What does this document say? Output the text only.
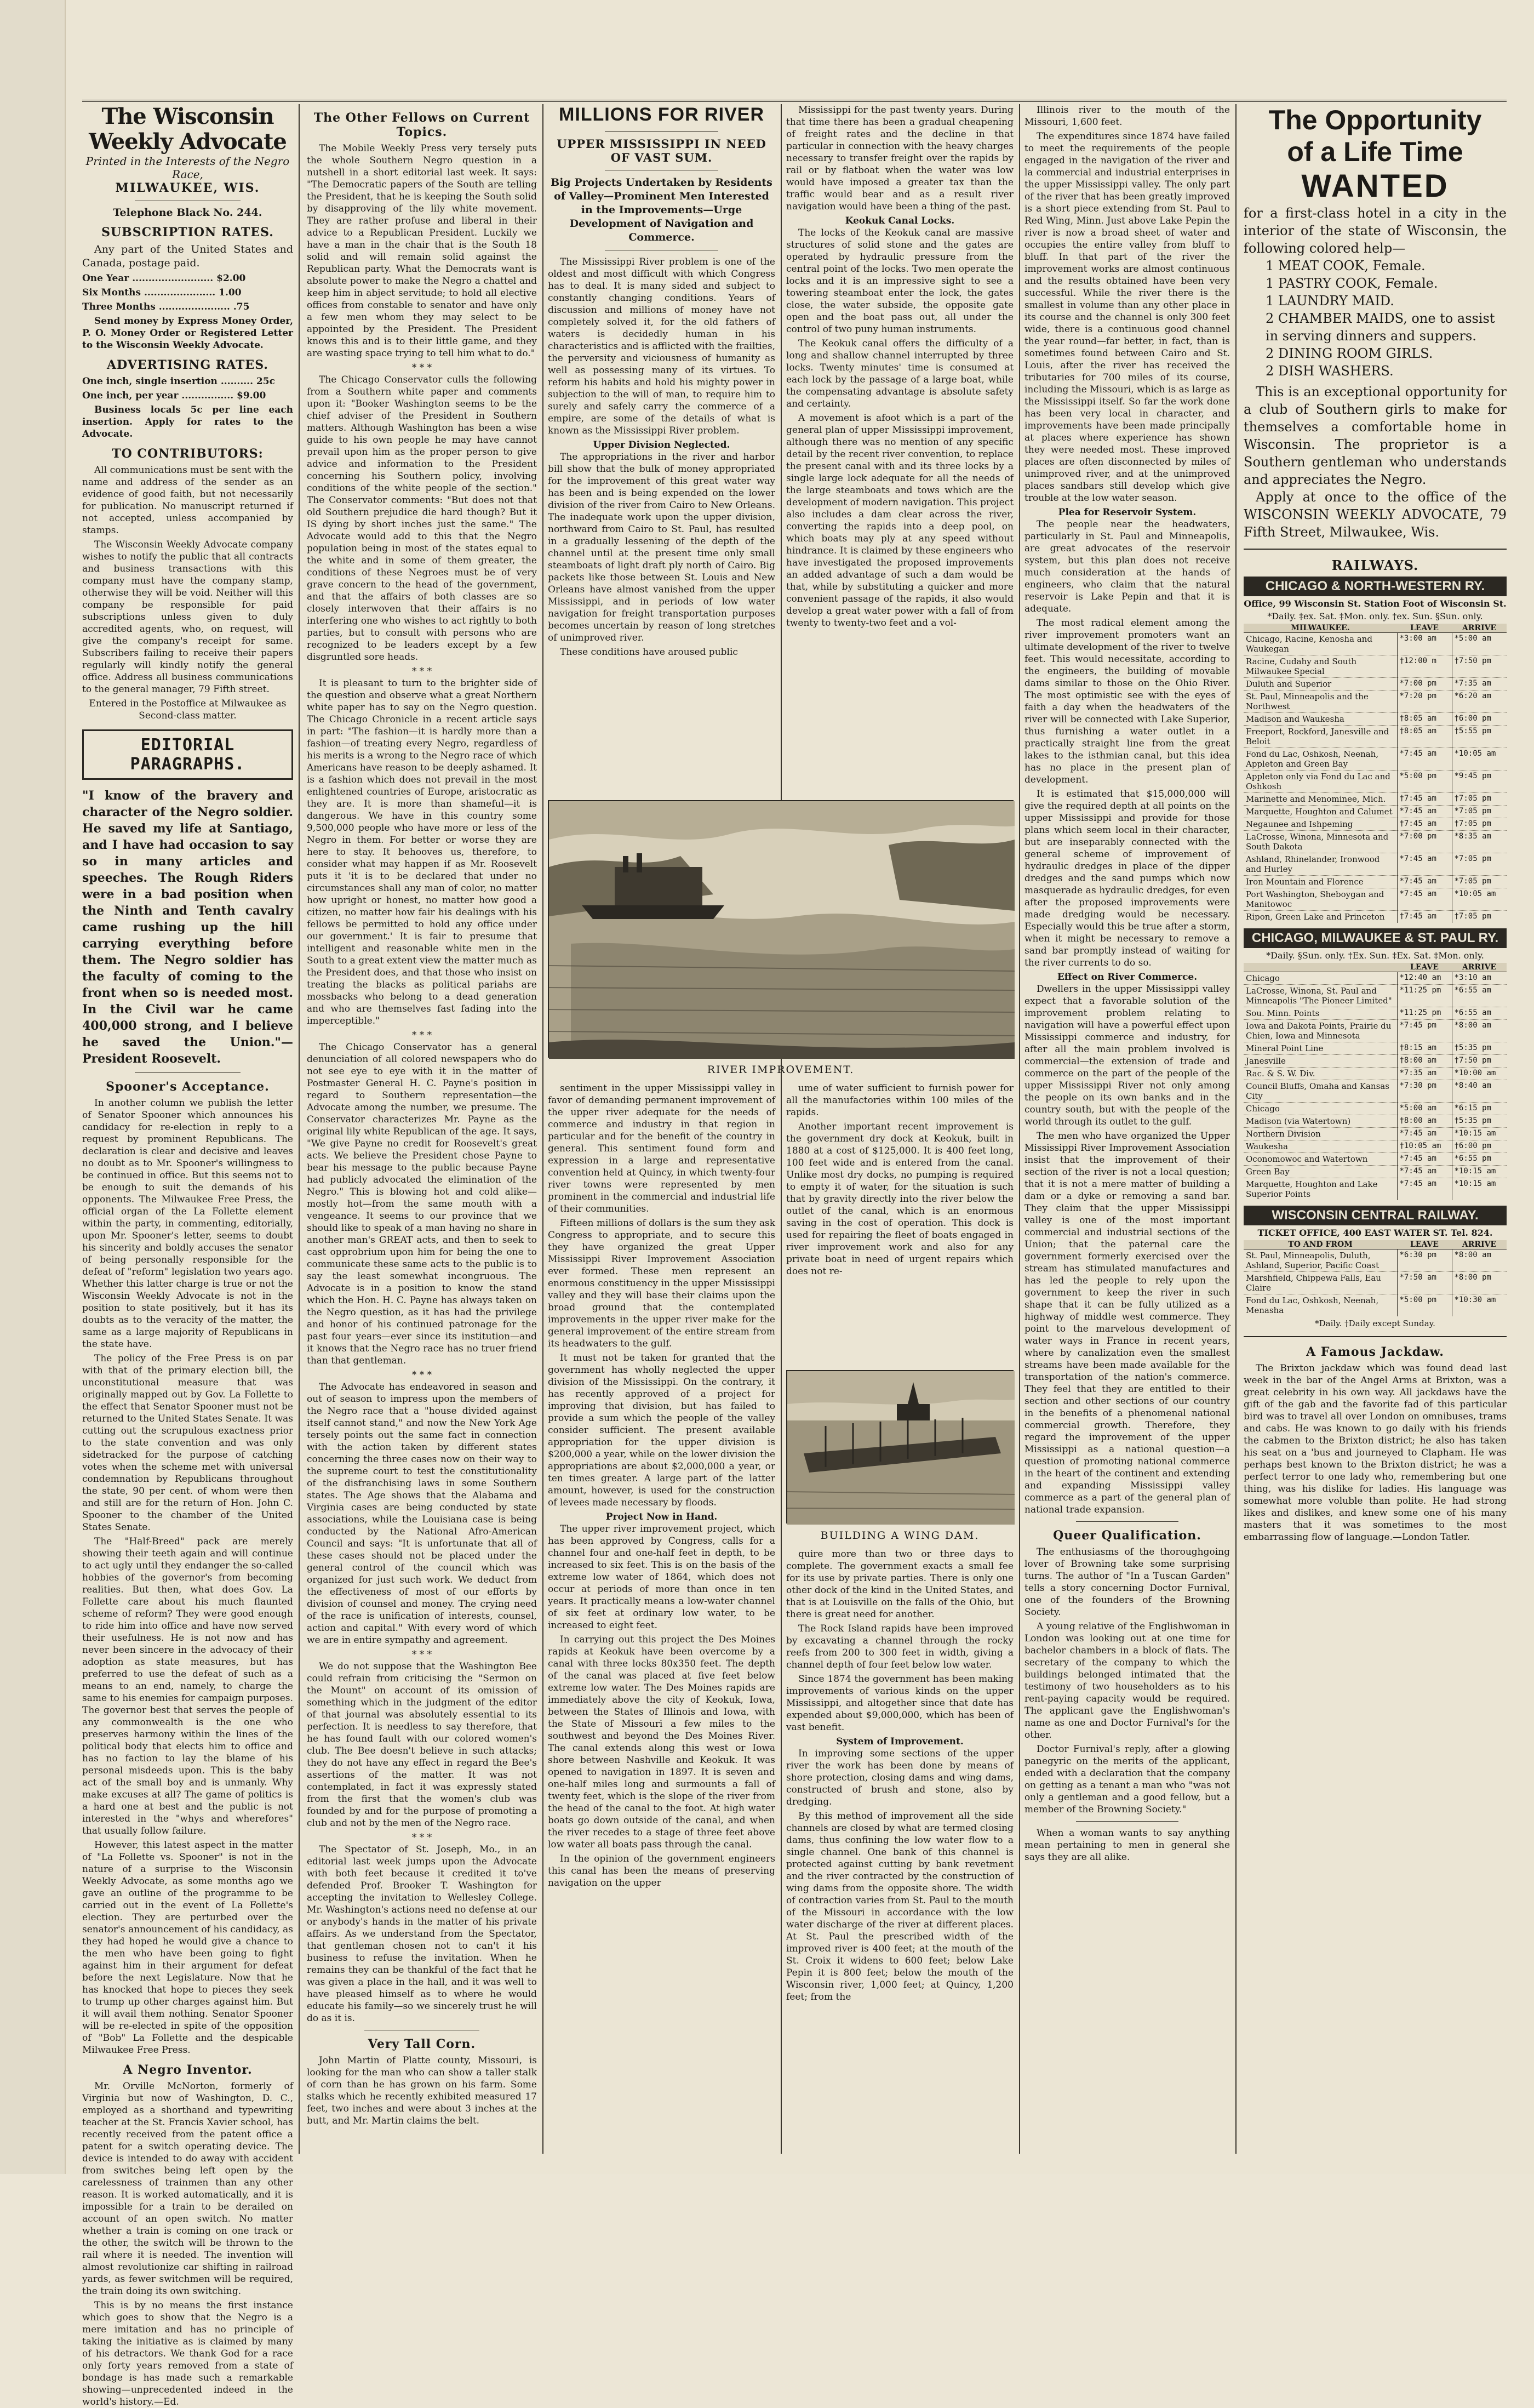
The Wisconsin Weekly Advocate
Printed in the Interests of the Negro Race,
MILWAUKEE, WIS.
Telephone Black No. 244.
SUBSCRIPTION RATES.

Any part of the United States and Canada, postage paid.

One Year ......................... $2.00

Six Months ...................... 1.00

Three Months ...................... .75

Send money by Express Money Order, P. O. Money Order or Registered Letter to the Wisconsin Weekly Advocate.

ADVERTISING RATES.

One inch, single insertion .......... 25c

One inch, per year ................ $9.00

Business locals 5c per line each insertion. Apply for rates to the Advocate.

TO CONTRIBUTORS:

All communications must be sent with the name and address of the sender as an evidence of good faith, but not necessarily for publication. No manuscript returned if not accepted, unless accompanied by stamps.

The Wisconsin Weekly Advocate company wishes to notify the public that all contracts and business transactions with this company must have the company stamp, otherwise they will be void. Neither will this company be responsible for paid subscriptions unless given to duly accredited agents, who, on request, will give the company's receipt for same. Subscribers failing to receive their papers regularly will kindly notify the general office. Address all business communications to the general manager, 79 Fifth street.

Entered in the Postoffice at Milwaukee as Second-class matter.

EDITORIAL PARAGRAPHS.
"I know of the bravery and character of the Negro soldier. He saved my life at Santiago, and I have had occasion to say so in many articles and speeches. The Rough Riders were in a bad position when the Ninth and Tenth cavalry came rushing up the hill carrying everything before them. The Negro soldier has the faculty of coming to the front when so is needed most. In the Civil war he came 400,000 strong, and I believe he saved the Union."—President Roosevelt.
Spooner's Acceptance.

In another column we publish the letter of Senator Spooner which announces his candidacy for re-election in reply to a request by prominent Republicans. The declaration is clear and decisive and leaves no doubt as to Mr. Spooner's willingness to be continued in office. But this seems not to be enough to suit the demands of his opponents. The Milwaukee Free Press, the official organ of the La Follette element within the party, in commenting, editorially, upon Mr. Spooner's letter, seems to doubt his sincerity and boldly accuses the senator of being personally responsible for the defeat of "reform" legislation two years ago. Whether this latter charge is true or not the Wisconsin Weekly Advocate is not in the position to state positively, but it has its doubts as to the veracity of the matter, the same as a large majority of Republicans in the state have.

The policy of the Free Press is on par with that of the primary election bill, the unconstitutional measure that was originally mapped out by Gov. La Follette to the effect that Senator Spooner must not be returned to the United States Senate. It was cutting out the scrupulous exactness prior to the state convention and was only sidetracked for the purpose of catching votes when the scheme met with universal condemnation by Republicans throughout the state, 90 per cent. of whom were then and still are for the return of Hon. John C. Spooner to the chamber of the United States Senate.

The "Half-Breed" pack are merely showing their teeth again and will continue to act ugly until they endanger the so-called hobbies of the governor's from becoming realities. But then, what does Gov. La Follette care about his much flaunted scheme of reform? They were good enough to ride him into office and have now served their usefulness. He is not now and has never been sincere in the advocacy of their adoption as state measures, but has preferred to use the defeat of such as a means to an end, namely, to charge the same to his enemies for campaign purposes. The governor best that serves the people of any commonwealth is the one who preserves harmony within the lines of the political body that elects him to office and has no faction to lay the blame of his personal misdeeds upon. This is the baby act of the small boy and is unmanly. Why make excuses at all? The game of politics is a hard one at best and the public is not interested in the "whys and wherefores" that usually follow failure.

However, this latest aspect in the matter of "La Follette vs. Spooner" is not in the nature of a surprise to the Wisconsin Weekly Advocate, as some months ago we gave an outline of the programme to be carried out in the event of La Follette's election. They are perturbed over the senator's announcement of his candidacy, as they had hoped he would give a chance to the men who have been going to fight against him in their argument for defeat before the next Legislature. Now that he has knocked that hope to pieces they seek to trump up other charges against him. But it will avail them nothing. Senator Spooner will be re-elected in spite of the opposition of "Bob" La Follette and the despicable Milwaukee Free Press.

A Negro Inventor.

Mr. Orville McNorton, formerly of Virginia but now of Washington, D. C., employed as a shorthand and typewriting teacher at the St. Francis Xavier school, has recently received from the patent office a patent for a switch operating device. The device is intended to do away with accident from switches being left open by the carelessness of trainmen than any other reason. It is worked automatically, and it is impossible for a train to be derailed on account of an open switch. No matter whether a train is coming on one track or the other, the switch will be thrown to the rail where it is needed. The invention will almost revolutionize car shifting in railroad yards, as fewer switchmen will be required, the train doing its own switching.

This is by no means the first instance which goes to show that the Negro is a mere imitation and has no principle of taking the initiative as is claimed by many of his detractors. We thank God for a race only forty years removed from a state of bondage is has made such a remarkable showing—unprecedented indeed in the world's history.—Ed.

The Other Fellows on Current Topics.

The Mobile Weekly Press very tersely puts the whole Southern Negro question in a nutshell in a short editorial last week. It says: "The Democratic papers of the South are telling the President, that he is keeping the South solid by disapproving of the lily white movement. They are rather profuse and liberal in their advice to a Republican President. Luckily we have a man in the chair that is the South 18 solid and will remain solid against the Republican party. What the Democrats want is absolute power to make the Negro a chattel and keep him in abject servitude; to hold all elective offices from constable to senator and have only a few men whom they may select to be appointed by the President. The President knows this and is to their little game, and they are wasting space trying to tell him what to do."

* * *

The Chicago Conservator culls the following from a Southern white paper and comments upon it: "Booker Washington seems to be the chief adviser of the President in Southern matters. Although Washington has been a wise guide to his own people he may have cannot prevail upon him as the proper person to give advice and information to the President concerning his Southern policy, involving conditions of the white people of the section." The Conservator comments: "But does not that old Southern prejudice die hard though? But it IS dying by short inches just the same." The Advocate would add to this that the Negro population being in most of the states equal to the white and in some of them greater, the conditions of these Negroes must be of very grave concern to the head of the government, and that the affairs of both classes are so closely interwoven that their affairs is no interfering one who wishes to act rightly to both parties, but to consult with persons who are recognized to be leaders except by a few disgruntled sore heads.

* * *

It is pleasant to turn to the brighter side of the question and observe what a great Northern white paper has to say on the Negro question. The Chicago Chronicle in a recent article says in part: "The fashion—it is hardly more than a fashion—of treating every Negro, regardless of his merits is a wrong to the Negro race of which Americans have reason to be deeply ashamed. It is a fashion which does not prevail in the most enlightened countries of Europe, aristocratic as they are. It is more than shameful—it is dangerous. We have in this country some 9,500,000 people who have more or less of the Negro in them. For better or worse they are here to stay. It behooves us, therefore, to consider what may happen if as Mr. Roosevelt puts it 'it is to be declared that under no circumstances shall any man of color, no matter how upright or honest, no matter how good a citizen, no matter how fair his dealings with his fellows be permitted to hold any office under our government.' It is fair to presume that intelligent and reasonable white men in the South to a great extent view the matter much as the President does, and that those who insist on treating the blacks as political pariahs are mossbacks who belong to a dead generation and who are themselves fast fading into the imperceptible."

* * *

The Chicago Conservator has a general denunciation of all colored newspapers who do not see eye to eye with it in the matter of Postmaster General H. C. Payne's position in regard to Southern representation—the Advocate among the number, we presume. The Conservator characterizes Mr. Payne as the original lily white Republican of the age. It says, "We give Payne no credit for Roosevelt's great acts. We believe the President chose Payne to bear his message to the public because Payne had publicly advocated the elimination of the Negro." This is blowing hot and cold alike—mostly hot—from the same mouth with a vengeance. It seems to our province that we should like to speak of a man having no share in another man's GREAT acts, and then to seek to cast opprobrium upon him for being the one to communicate these same acts to the public is to say the least somewhat incongruous. The Advocate is in a position to know the stand which the Hon. H. C. Payne has always taken on the Negro question, as it has had the privilege and honor of his continued patronage for the past four years—ever since its institution—and it knows that the Negro race has no truer friend than that gentleman.

* * *

The Advocate has endeavored in season and out of season to impress upon the members of the Negro race that a "house divided against itself cannot stand," and now the New York Age tersely points out the same fact in connection with the action taken by different states concerning the three cases now on their way to the supreme court to test the constitutionality of the disfranchising laws in some Southern states. The Age shows that the Alabama and Virginia cases are being conducted by state associations, while the Louisiana case is being conducted by the National Afro-American Council and says: "It is unfortunate that all of these cases should not be placed under the general control of the council which was organized for just such work. We deduct from the effectiveness of most of our efforts by division of counsel and money. The crying need of the race is unification of interests, counsel, action and capital." With every word of which we are in entire sympathy and agreement.

* * *

We do not suppose that the Washington Bee could refrain from criticising the "Sermon on the Mount" on account of its omission of something which in the judgment of the editor of that journal was absolutely essential to its perfection. It is needless to say therefore, that he has found fault with our colored women's club. The Bee doesn't believe in such attacks; they do not have any effect in regard the Bee's assertions of the matter. It was not contemplated, in fact it was expressly stated from the first that the women's club was founded by and for the purpose of promoting a club and not by the men of the Negro race.

* * *

The Spectator of St. Joseph, Mo., in an editorial last week jumps upon the Advocate with both feet because it credited it to've defended Prof. Brooker T. Washington for accepting the invitation to Wellesley College. Mr. Washington's actions need no defense at our or anybody's hands in the matter of his private affairs. As we understand from the Spectator, that gentleman chosen not to can't it his business to refuse the invitation. When he remains they can be thankful of the fact that he was given a place in the hall, and it was well to have pleased himself as to where he would educate his family—so we sincerely trust he will do as it is.

Very Tall Corn.

John Martin of Platte county, Missouri, is looking for the man who can show a taller stalk of corn than he has grown on his farm. Some stalks which he recently exhibited measured 17 feet, two inches and were about 3 inches at the butt, and Mr. Martin claims the belt.

MILLIONS FOR RIVER
UPPER MISSISSIPPI IN NEED OF VAST SUM.
Big Projects Undertaken by Residents of Valley—Prominent Men Interested in the Improvements—Urge Development of Navigation and Commerce.

The Mississippi River problem is one of the oldest and most difficult with which Congress has to deal. It is many sided and subject to constantly changing conditions. Years of discussion and millions of money have not completely solved it, for the old fathers of waters is decidedly human in his characteristics and is afflicted with the frailties, the perversity and viciousness of humanity as well as possessing many of its virtues. To reform his habits and hold his mighty power in subjection to the will of man, to require him to surely and safely carry the commerce of a empire, are some of the details of what is known as the Mississippi River problem.

Upper Division Neglected.

The appropriations in the river and harbor bill show that the bulk of money appropriated for the improvement of this great water way has been and is being expended on the lower division of the river from Cairo to New Orleans. The inadequate work upon the upper division, northward from Cairo to St. Paul, has resulted in a gradually lessening of the depth of the channel until at the present time only small steamboats of light draft ply north of Cairo. Big packets like those between St. Louis and New Orleans have almost vanished from the upper Mississippi, and in periods of low water navigation for freight transportation purposes becomes uncertain by reason of long stretches of unimproved river.

These conditions have aroused public

RIVER IMPROVEMENT.

sentiment in the upper Mississippi valley in favor of demanding permanent improvement of the upper river adequate for the needs of commerce and industry in that region in particular and for the benefit of the country in general. This sentiment found form and expression in a large and representative convention held at Quincy, in which twenty-four river towns were represented by men prominent in the commercial and industrial life of their communities.

Fifteen millions of dollars is the sum they ask Congress to appropriate, and to secure this they have organized the great Upper Mississippi River Improvement Association ever formed. These men represent an enormous constituency in the upper Mississippi valley and they will base their claims upon the broad ground that the contemplated improvements in the upper river make for the general improvement of the entire stream from its headwaters to the gulf.

It must not be taken for granted that the government has wholly neglected the upper division of the Mississippi. On the contrary, it has recently approved of a project for improving that division, but has failed to provide a sum which the people of the valley consider sufficient. The present available appropriation for the upper division is $200,000 a year, while on the lower division the appropriations are about $2,000,000 a year, or ten times greater. A large part of the latter amount, however, is used for the construction of levees made necessary by floods.

Project Now in Hand.

The upper river improvement project, which has been approved by Congress, calls for a channel four and one-half feet in depth, to be increased to six feet. This is on the basis of the extreme low water of 1864, which does not occur at periods of more than once in ten years. It practically means a low-water channel of six feet at ordinary low water, to be increased to eight feet.

In carrying out this project the Des Moines rapids at Keokuk have been overcome by a canal with three locks 80x350 feet. The depth of the canal was placed at five feet below extreme low water. The Des Moines rapids are immediately above the city of Keokuk, Iowa, between the States of Illinois and Iowa, with the State of Missouri a few miles to the southwest and beyond the Des Moines River. The canal extends along this west or Iowa shore between Nashville and Keokuk. It was opened to navigation in 1897. It is seven and one-half miles long and surmounts a fall of twenty feet, which is the slope of the river from the head of the canal to the foot. At high water boats go down outside of the canal, and when the river recedes to a stage of three feet above low water all boats pass through the canal.

In the opinion of the government engineers this canal has been the means of preserving navigation on the upper

Mississippi for the past twenty years. During that time there has been a gradual cheapening of freight rates and the decline in that particular in connection with the heavy charges necessary to transfer freight over the rapids by rail or by flatboat when the water was low would have imposed a greater tax than the traffic would bear and as a result river navigation would have been a thing of the past.

Keokuk Canal Locks.

The locks of the Keokuk canal are massive structures of solid stone and the gates are operated by hydraulic pressure from the central point of the locks. Two men operate the locks and it is an impressive sight to see a towering steamboat enter the lock, the gates close, the water subside, the opposite gate open and the boat pass out, all under the control of two puny human instruments.

The Keokuk canal offers the difficulty of a long and shallow channel interrupted by three locks. Twenty minutes' time is consumed at each lock by the passage of a large boat, while the compensating advantage is absolute safety and certainty.

A movement is afoot which is a part of the general plan of upper Mississippi improvement, although there was no mention of any specific detail by the recent river convention, to replace the present canal with and its three locks by a single large lock adequate for all the needs of the large steamboats and tows which are the development of modern navigation. This project also includes a dam clear across the river, converting the rapids into a deep pool, on which boats may ply at any speed without hindrance. It is claimed by these engineers who have investigated the proposed improvements an added advantage of such a dam would be that, while by substituting a quicker and more convenient passage of the rapids, it also would develop a great water power with a fall of from twenty to twenty-two feet and a vol-

ume of water sufficient to furnish power for all the manufactories within 100 miles of the rapids.

Another important recent improvement is the government dry dock at Keokuk, built in 1880 at a cost of $125,000. It is 400 feet long, 100 feet wide and is entered from the canal. Unlike most dry docks, no pumping is required to empty it of water, for the situation is such that by gravity directly into the river below the outlet of the canal, which is an enormous saving in the cost of operation. This dock is used for repairing the fleet of boats engaged in river improvement work and also for any private boat in need of urgent repairs which does not re-

BUILDING A WING DAM.

quire more than two or three days to complete. The government exacts a small fee for its use by private parties. There is only one other dock of the kind in the United States, and that is at Louisville on the falls of the Ohio, but there is great need for another.

The Rock Island rapids have been improved by excavating a channel through the rocky reefs from 200 to 300 feet in width, giving a channel depth of four feet below low water.

Since 1874 the government has been making improvements of various kinds on the upper Mississippi, and altogether since that date has expended about $9,000,000, which has been of vast benefit.

System of Improvement.

In improving some sections of the upper river the work has been done by means of shore protection, closing dams and wing dams, constructed of brush and stone, also by dredging.

By this method of improvement all the side channels are closed by what are termed closing dams, thus confining the low water flow to a single channel. One bank of this channel is protected against cutting by bank revetment and the river contracted by the construction of wing dams from the opposite shore. The width of contraction varies from St. Paul to the mouth of the Missouri in accordance with the low water discharge of the river at different places. At St. Paul the prescribed width of the improved river is 400 feet; at the mouth of the St. Croix it widens to 600 feet; below Lake Pepin it is 800 feet; below the mouth of the Wisconsin river, 1,000 feet; at Quincy, 1,200 feet; from the

Illinois river to the mouth of the Missouri, 1,600 feet.

The expenditures since 1874 have failed to meet the requirements of the people engaged in the navigation of the river and la commercial and industrial enterprises in the upper Mississippi valley. The only part of the river that has been greatly improved is a short piece extending from St. Paul to Red Wing, Minn. Just above Lake Pepin the river is now a broad sheet of water and occupies the entire valley from bluff to bluff. In that part of the river the improvement works are almost continuous and the results obtained have been very successful. While the river there is the smallest in volume than any other place in its course and the channel is only 300 feet wide, there is a continuous good channel the year round—far better, in fact, than is sometimes found between Cairo and St. Louis, after the river has received the tributaries for 700 miles of its course, including the Missouri, which is as large as the Mississippi itself. So far the work done has been very local in character, and improvements have been made principally at places where experience has shown they were needed most. These improved places are often disconnected by miles of unimproved river, and at the unimproved places sandbars still develop which give trouble at the low water season.

Plea for Reservoir System.

The people near the headwaters, particularly in St. Paul and Minneapolis, are great advocates of the reservoir system, but this plan does not receive much consideration at the hands of engineers, who claim that the natural reservoir is Lake Pepin and that it is adequate.

The most radical element among the river improvement promoters want an ultimate development of the river to twelve feet. This would necessitate, according to the engineers, the building of movable dams similar to those on the Ohio River. The most optimistic see with the eyes of faith a day when the headwaters of the river will be connected with Lake Superior, thus furnishing a water outlet in a practically straight line from the great lakes to the isthmian canal, but this idea has no place in the present plan of development.

It is estimated that $15,000,000 will give the required depth at all points on the upper Mississippi and provide for those plans which seem local in their character, but are inseparably connected with the general scheme of improvement of hydraulic dredges in place of the dipper dredges and the sand pumps which now masquerade as hydraulic dredges, for even after the proposed improvements were made dredging would be necessary. Especially would this be true after a storm, when it might be necessary to remove a sand bar promptly instead of waiting for the river currents to do so.

Effect on River Commerce.

Dwellers in the upper Mississippi valley expect that a favorable solution of the improvement problem relating to navigation will have a powerful effect upon Mississippi commerce and industry, for after all the main problem involved is commercial—the extension of trade and commerce on the part of the people of the upper Mississippi River not only among the people on its own banks and in the country south, but with the people of the world through its outlet to the gulf.

The men who have organized the Upper Mississippi River Improvement Association insist that the improvement of their section of the river is not a local question; that it is not a mere matter of building a dam or a dyke or removing a sand bar. They claim that the upper Mississippi valley is one of the most important commercial and industrial sections of the Union; that the paternal care the government formerly exercised over the stream has stimulated manufactures and has led the people to rely upon the government to keep the river in such shape that it can be fully utilized as a highway of middle west commerce. They point to the marvelous development of water ways in France in recent years, where by canalization even the smallest streams have been made available for the transportation of the nation's commerce. They feel that they are entitled to their section and other sections of our country in the benefits of a phenomenal national commercial growth. Therefore, they regard the improvement of the upper Mississippi as a national question—a question of promoting national commerce in the heart of the continent and extending and expanding Mississippi valley commerce as a part of the general plan of national trade expansion.

Queer Qualification.

The enthusiasms of the thoroughgoing lover of Browning take some surprising turns. The author of "In a Tuscan Garden" tells a story concerning Doctor Furnival, one of the founders of the Browning Society.

A young relative of the Englishwoman in London was looking out at one time for bachelor chambers in a block of flats. The secretary of the company to which the buildings belonged intimated that the testimony of two householders as to his rent-paying capacity would be required. The applicant gave the Englishwoman's name as one and Doctor Furnival's for the other.

Doctor Furnival's reply, after a glowing panegyric on the merits of the applicant, ended with a declaration that the company on getting as a tenant a man who "was not only a gentleman and a good fellow, but a member of the Browning Society."

When a woman wants to say anything mean pertaining to men in general she says they are all alike.

The Opportunity
of a Life Time
WANTED
for a first-class hotel in a city in the interior of the state of Wisconsin, the following colored help—
1 MEAT COOK, Female.
1 PASTRY COOK, Female.
1 LAUNDRY MAID.
2 CHAMBER MAIDS, one to assist in serving dinners and suppers.
2 DINING ROOM GIRLS.
2 DISH WASHERS.
This is an exceptional opportunity for a club of Southern girls to make for themselves a comfortable home in Wisconsin. The proprietor is a Southern gentleman who understands and appreciates the Negro.
Apply at once to the office of the WISCONSIN WEEKLY ADVOCATE, 79 Fifth Street, Milwaukee, Wis.
RAILWAYS.
CHICAGO & NORTH-WESTERN RY.
Office, 99 Wisconsin St. Station Foot of Wisconsin St.
*Daily. ‡ex. Sat. ‡Mon. only. †ex. Sun. §Sun. only.
MILWAUKEE.	LEAVE	ARRIVE
Chicago, Racine, Kenosha and Waukegan	*3:00 am	*5:00 am
Racine, Cudahy and South Milwaukee Special	†12:00 m	†7:50 pm
Duluth and Superior	*7:00 pm	*7:35 am
St. Paul, Minneapolis and the Northwest	*7:20 pm	*6:20 am
Madison and Waukesha	†8:05 am	†6:00 pm
Freeport, Rockford, Janesville and Beloit	†8:05 am	†5:55 pm
Fond du Lac, Oshkosh, Neenah, Appleton and Green Bay	*7:45 am	*10:05 am
Appleton only via Fond du Lac and Oshkosh	*5:00 pm	*9:45 pm
Marinette and Menominee, Mich.	†7:45 am	†7:05 pm
Marquette, Houghton and Calumet	*7:45 am	*7:05 pm
Negaunee and Ishpeming	†7:45 am	†7:05 pm
LaCrosse, Winona, Minnesota and South Dakota	*7:00 pm	*8:35 am
Ashland, Rhinelander, Ironwood and Hurley	*7:45 am	*7:05 pm
Iron Mountain and Florence	*7:45 am	*7:05 pm
Port Washington, Sheboygan and Manitowoc	*7:45 am	*10:05 am
Ripon, Green Lake and Princeton	†7:45 am	†7:05 pm
CHICAGO, MILWAUKEE & ST. PAUL RY.
*Daily. §Sun. only. †Ex. Sun. ‡Ex. Sat. ‡Mon. only.
	LEAVE	ARRIVE
Chicago	*12:40 am	*3:10 am
LaCrosse, Winona, St. Paul and Minneapolis "The Pioneer Limited"	*11:25 pm	*6:55 am
Sou. Minn. Points	*11:25 pm	*6:55 am
Iowa and Dakota Points, Prairie du Chien, Iowa and Minnesota	*7:45 pm	*8:00 am
Mineral Point Line	†8:15 am	†5:35 pm
Janesville	†8:00 am	†7:50 pm
Rac. & S. W. Div.	*7:35 am	*10:00 am
Council Bluffs, Omaha and Kansas City	*7:30 pm	*8:40 am
Chicago	*5:00 am	*6:15 pm
Madison (via Watertown)	†8:00 am	†5:35 pm
Northern Division	*7:45 am	*10:15 am
Waukesha	†10:05 am	†6:00 pm
Oconomowoc and Watertown	*7:45 am	*6:55 pm
Green Bay	*7:45 am	*10:15 am
Marquette, Houghton and Lake Superior Points	*7:45 am	*10:15 am
WISCONSIN CENTRAL RAILWAY.
TICKET OFFICE, 400 EAST WATER ST. Tel. 824.
TO AND FROM	LEAVE	ARRIVE
St. Paul, Minneapolis, Duluth, Ashland, Superior, Pacific Coast	*6:30 pm	*8:00 am
Marshfield, Chippewa Falls, Eau Claire	*7:50 am	*8:00 pm
Fond du Lac, Oshkosh, Neenah, Menasha	*5:00 pm	*10:30 am
*Daily. †Daily except Sunday.
A Famous Jackdaw.

The Brixton jackdaw which was found dead last week in the bar of the Angel Arms at Brixton, was a great celebrity in his own way. All jackdaws have the gift of the gab and the favorite fad of this particular bird was to travel all over London on omnibuses, trams and cabs. He was known to go daily with his friends the cabmen to the Brixton district; he also has taken his seat on a 'bus and journeyed to Clapham. He was perhaps best known to the Brixton district; he was a perfect terror to one lady who, remembering but one thing, was his dislike for ladies. His language was somewhat more voluble than polite. He had strong likes and dislikes, and knew some one of his many masters that it was sometimes to the most embarrassing flow of language.—London Tatler.
